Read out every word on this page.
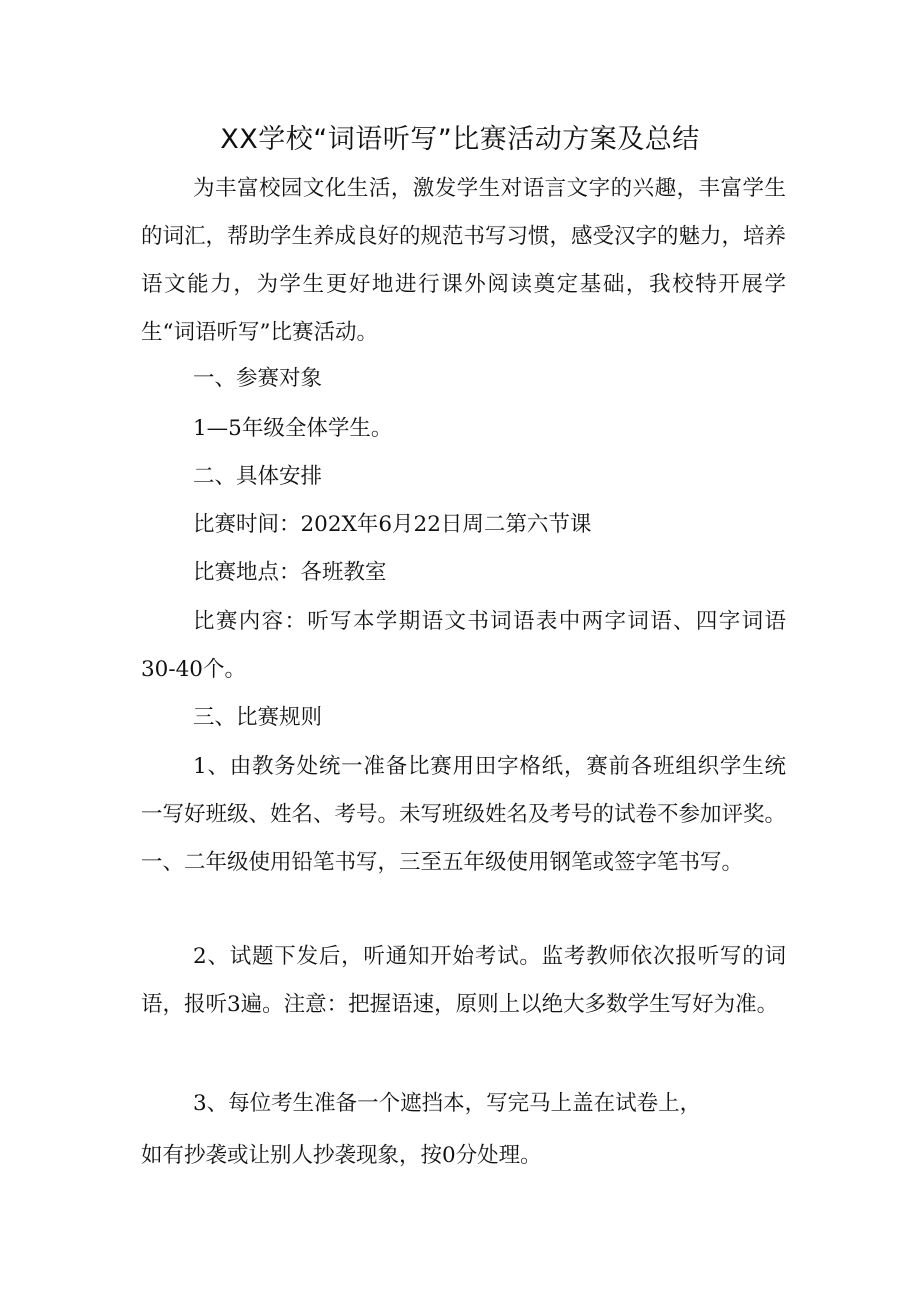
XX学校“词语听写”比赛活动方案及总结

为丰富校园文化生活，激发学生对语言文字的兴趣，丰富学生的词汇，帮助学生养成良好的规范书写习惯，感受汉字的魅力，培养语文能力，为学生更好地进行课外阅读奠定基础，我校特开展学生“词语听写”比赛活动。

一、参赛对象

1—5年级全体学生。

二、具体安排

比赛时间：202X年6月22日周二第六节课

比赛地点：各班教室

比赛内容：听写本学期语文书词语表中两字词语、四字词语30-40个。

三、比赛规则

1、由教务处统一准备比赛用田字格纸，赛前各班组织学生统一写好班级、姓名、考号。未写班级姓名及考号的试卷不参加评奖。一、二年级使用铅笔书写，三至五年级使用钢笔或签字笔书写。

2、试题下发后，听通知开始考试。监考教师依次报听写的词语，报听3遍。注意：把握语速，原则上以绝大多数学生写好为准。

3、每位考生准备一个遮挡本，写完马上盖在试卷上，

如有抄袭或让别人抄袭现象，按0分处理。
